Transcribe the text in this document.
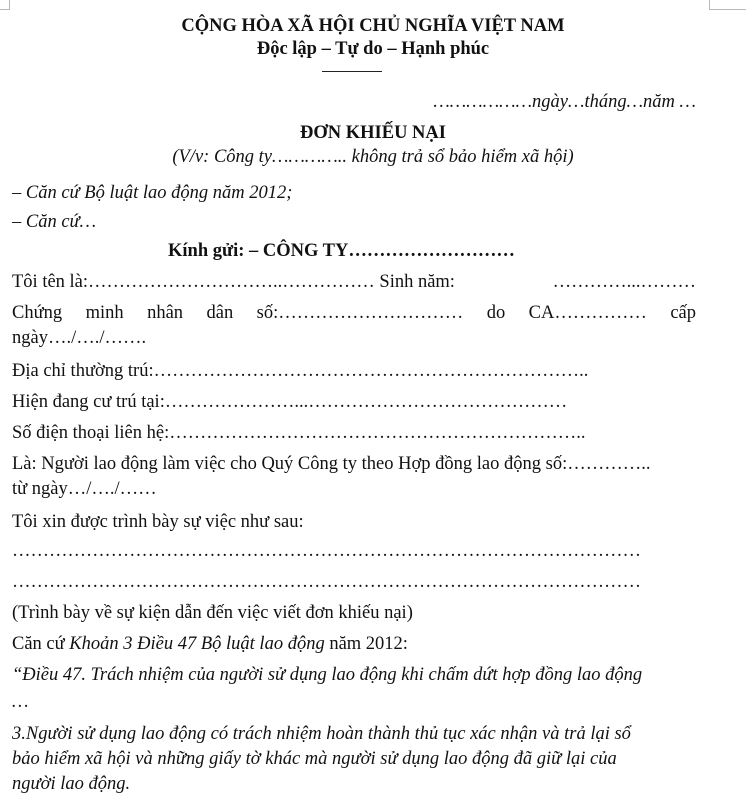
CỘNG HÒA XÃ HỘI CHỦ NGHĨA VIỆT NAM
Độc lập – Tự do – Hạnh phúc
………………ngày…tháng…năm …
ĐƠN KHIẾU NẠI
(V/v: Công ty………….. không trả sổ bảo hiểm xã hội)
– Căn cứ Bộ luật lao động năm 2012;
– Căn cứ…
Kính gửi: – CÔNG TY………………………
Tôi tên là:…………………………..…………… Sinh năm:	…………...………
Chứng minh nhân dân số:………………………… do CA…………… cấp
ngày…./…./…….
Địa chỉ thường trú:……………………………………………………………..
Hiện đang cư trú tại:…………………...……………………………………
Số điện thoại liên hệ:…………………………………………………………..
Là: Người lao động làm việc cho Quý Công ty theo Hợp đồng lao động số:…………..
từ ngày…/…./……
Tôi xin được trình bày sự việc như sau:
…………………………………………………………………………………………
…………………………………………………………………………………………
(Trình bày về sự kiện dẫn đến việc viết đơn khiếu nại)
Căn cứ Khoản 3 Điều 47 Bộ luật lao động năm 2012:
“Điều 47. Trách nhiệm của người sử dụng lao động khi chấm dứt hợp đồng lao động
…
3.Người sử dụng lao động có trách nhiệm hoàn thành thủ tục xác nhận và trả lại sổ
bảo hiểm xã hội và những giấy tờ khác mà người sử dụng lao động đã giữ lại của
người lao động.
